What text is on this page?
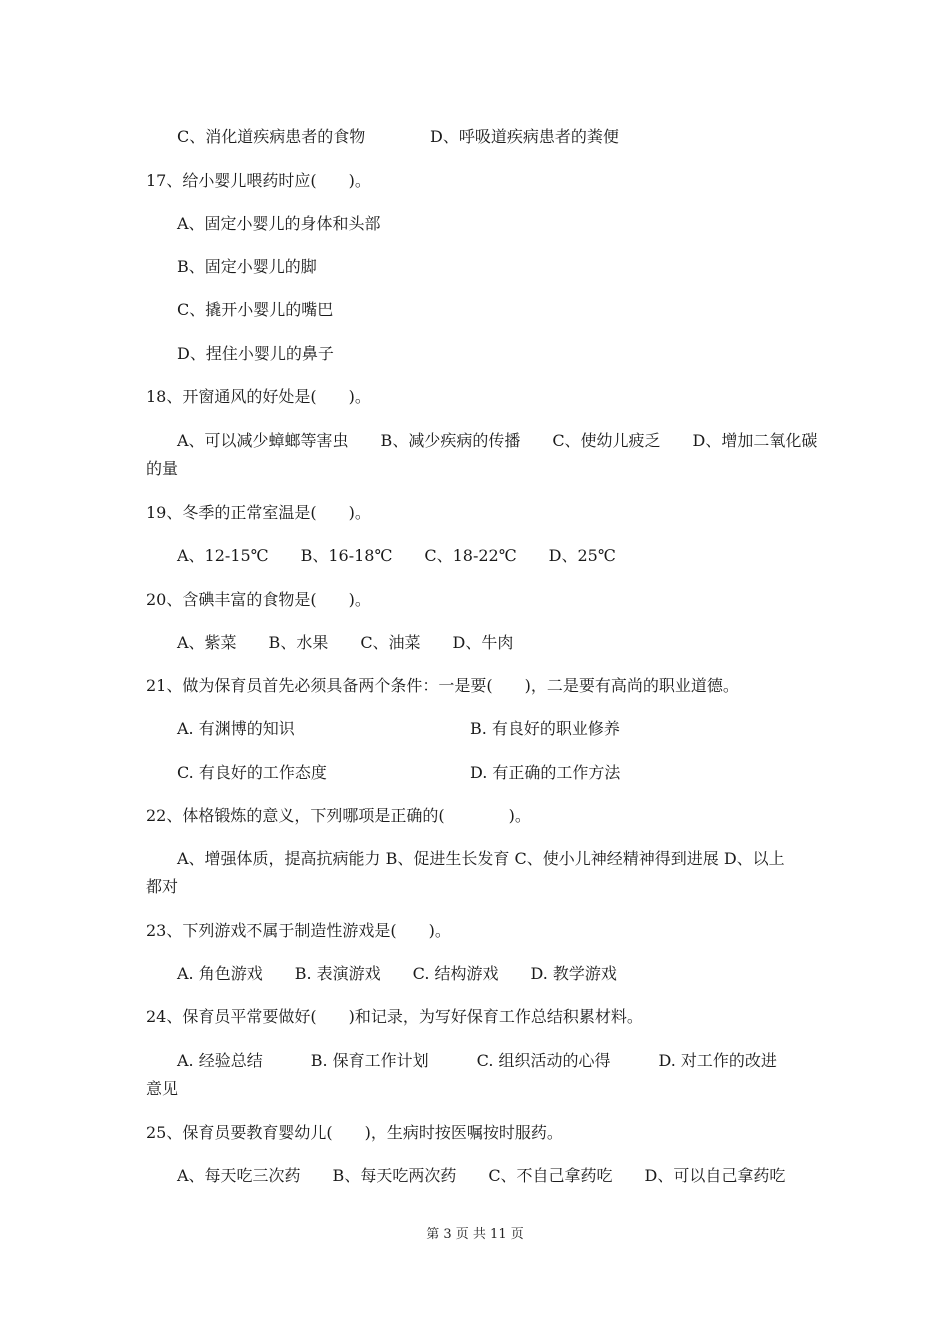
C、消化道疾病患者的食物	D、呼吸道疾病患者的粪便
17、给小婴儿喂药时应(　　)。
A、固定小婴儿的身体和头部
B、固定小婴儿的脚
C、撬开小婴儿的嘴巴
D、捏住小婴儿的鼻子
18、开窗通风的好处是(　　)。
A、可以减少蟑螂等害虫　　B、减少疾病的传播　　C、使幼儿疲乏　　D、增加二氧化碳
的量
19、冬季的正常室温是(　　)。
A、12-15℃　　B、16-18℃　　C、18-22℃　　D、25℃
20、含碘丰富的食物是(　　)。
A、紫菜　　B、水果　　C、油菜　　D、牛肉
21、做为保育员首先必须具备两个条件：一是要(　　)，二是要有高尚的职业道德。
A. 有渊博的知识	B. 有良好的职业修养
C. 有良好的工作态度	D. 有正确的工作方法
22、体格锻炼的意义，下列哪项是正确的(　　　　)。
A、增强体质，提高抗病能力 B、促进生长发育 C、使小儿神经精神得到进展 D、以上
都对
23、下列游戏不属于制造性游戏是(　　)。
A. 角色游戏　　B. 表演游戏　　C. 结构游戏　　D. 教学游戏
24、保育员平常要做好(　　)和记录，为写好保育工作总结积累材料。
A. 经验总结　　　B. 保育工作计划　　　C. 组织活动的心得　　　D. 对工作的改进
意见
25、保育员要教育婴幼儿(　　)，生病时按医嘱按时服药。
A、每天吃三次药　　B、每天吃两次药　　C、不自己拿药吃　　D、可以自己拿药吃
第 3 页 共 11 页
